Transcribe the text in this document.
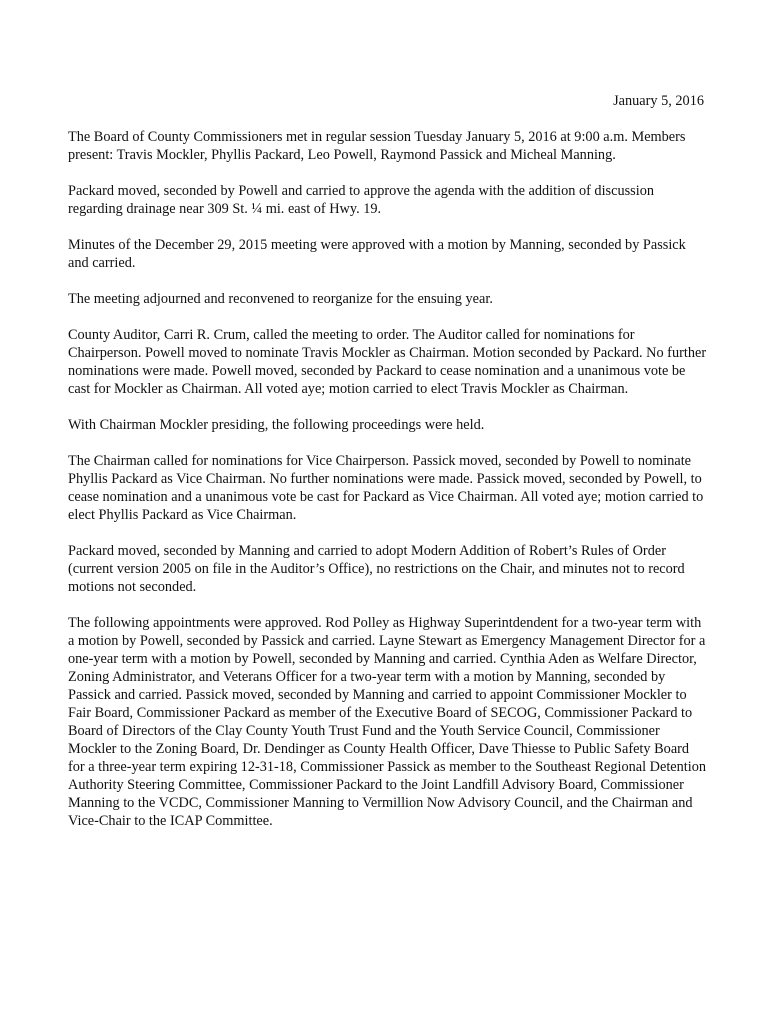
January 5, 2016

The Board of County Commissioners met in regular session Tuesday January 5, 2016 at 9:00 a.m. Members present: Travis Mockler, Phyllis Packard, Leo Powell, Raymond Passick and Micheal Manning.

Packard moved, seconded by Powell and carried to approve the agenda with the addition of discussion regarding drainage near 309 St. ¼ mi. east of Hwy. 19.

Minutes of the December 29, 2015 meeting were approved with a motion by Manning, seconded by Passick and carried.

The meeting adjourned and reconvened to reorganize for the ensuing year.

County Auditor, Carri R. Crum, called the meeting to order. The Auditor called for nominations for Chairperson. Powell moved to nominate Travis Mockler as Chairman. Motion seconded by Packard. No further nominations were made. Powell moved, seconded by Packard to cease nomination and a unanimous vote be cast for Mockler as Chairman. All voted aye; motion carried to elect Travis Mockler as Chairman.

With Chairman Mockler presiding, the following proceedings were held.

The Chairman called for nominations for Vice Chairperson. Passick moved, seconded by Powell to nominate Phyllis Packard as Vice Chairman. No further nominations were made. Passick moved, seconded by Powell, to cease nomination and a unanimous vote be cast for Packard as Vice Chairman. All voted aye; motion carried to elect Phyllis Packard as Vice Chairman.

Packard moved, seconded by Manning and carried to adopt Modern Addition of Robert’s Rules of Order (current version 2005 on file in the Auditor’s Office), no restrictions on the Chair, and minutes not to record motions not seconded.

The following appointments were approved. Rod Polley as Highway Superintdendent for a two-year term with a motion by Powell, seconded by Passick and carried. Layne Stewart as Emergency Management Director for a one-year term with a motion by Powell, seconded by Manning and carried. Cynthia Aden as Welfare Director, Zoning Administrator, and Veterans Officer for a two-year term with a motion by Manning, seconded by Passick and carried. Passick moved, seconded by Manning and carried to appoint Commissioner Mockler to Fair Board, Commissioner Packard as member of the Executive Board of SECOG, Commissioner Packard to Board of Directors of the Clay County Youth Trust Fund and the Youth Service Council, Commissioner Mockler to the Zoning Board, Dr. Dendinger as County Health Officer, Dave Thiesse to Public Safety Board for a three-year term expiring 12-31-18, Commissioner Passick as member to the Southeast Regional Detention Authority Steering Committee, Commissioner Packard to the Joint Landfill Advisory Board, Commissioner Manning to the VCDC, Commissioner Manning to Vermillion Now Advisory Council, and the Chairman and Vice-Chair to the ICAP Committee.
